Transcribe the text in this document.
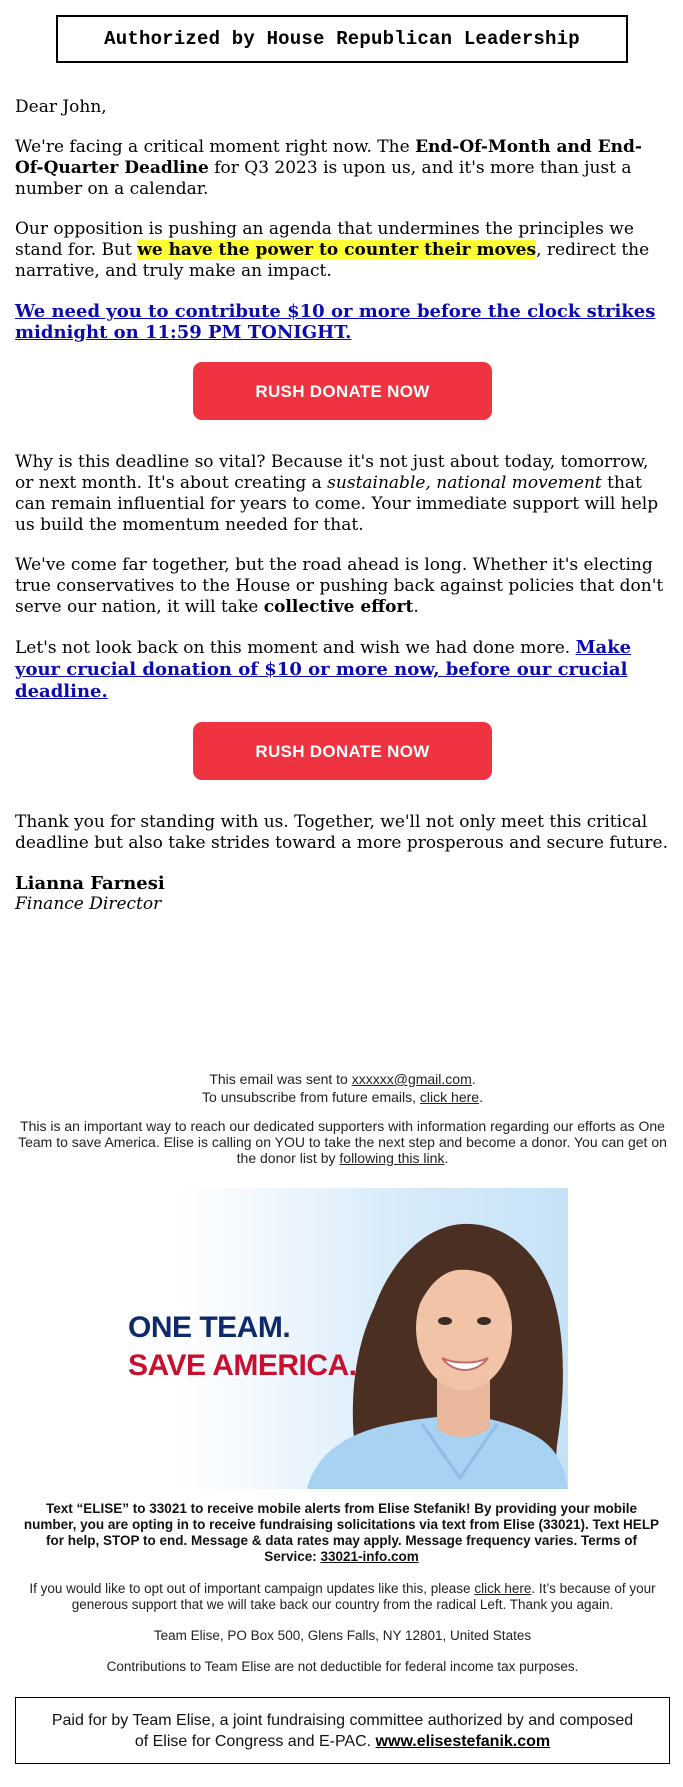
Authorized by House Republican Leadership

Dear John,

We're facing a critical moment right now. The End-Of-Month and End-Of-Quarter Deadline for Q3 2023 is upon us, and it's more than just a number on a calendar.

Our opposition is pushing an agenda that undermines the principles we stand for. But we have the power to counter their moves, redirect the narrative, and truly make an impact.

We need you to contribute $10 or more before the clock strikes midnight on 11:59 PM TONIGHT.

RUSH DONATE NOW

Why is this deadline so vital? Because it's not just about today, tomorrow, or next month. It's about creating a sustainable, national movement that can remain influential for years to come. Your immediate support will help us build the momentum needed for that.

We've come far together, but the road ahead is long. Whether it's electing true conservatives to the House or pushing back against policies that don't serve our nation, it will take collective effort.

Let's not look back on this moment and wish we had done more. Make your crucial donation of $10 or more now, before our crucial deadline.

RUSH DONATE NOW

Thank you for standing with us. Together, we'll not only meet this critical deadline but also take strides toward a more prosperous and secure future.

Lianna Farnesi
Finance Director
This email was sent to xxxxxx@gmail.com.
To unsubscribe from future emails, click here.
This is an important way to reach our dedicated supporters with information regarding our efforts as One Team to save America. Elise is calling on YOU to take the next step and become a donor. You can get on the donor list by following this link.
ONE TEAM.
SAVE AMERICA.
Text “ELISE” to 33021 to receive mobile alerts from Elise Stefanik! By providing your mobile number, you are opting in to receive fundraising solicitations via text from Elise (33021). Text HELP for help, STOP to end. Message & data rates may apply. Message frequency varies. Terms of Service: 33021-info.com
If you would like to opt out of important campaign updates like this, please click here. It’s because of your generous support that we will take back our country from the radical Left. Thank you again.
Team Elise, PO Box 500, Glens Falls, NY 12801, United States
Contributions to Team Elise are not deductible for federal income tax purposes.
Paid for by Team Elise, a joint fundraising committee authorized by and composed of Elise for Congress and E-PAC. www.elisestefanik.com
